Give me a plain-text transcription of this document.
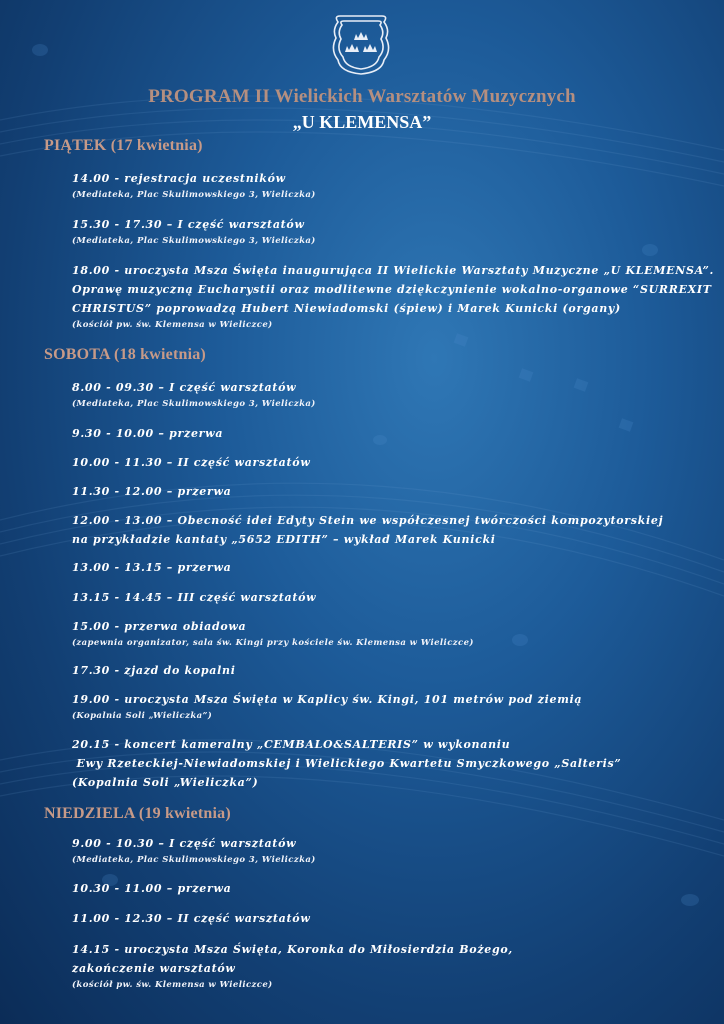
PROGRAM II Wielickich Warsztatów Muzycznych
„U KLEMENSA”
PIĄTEK (17 kwietnia)
14.00 - rejestracja uczestników
(Mediateka, Plac Skulimowskiego 3, Wieliczka)
15.30 - 17.30 – I część warsztatów
(Mediateka, Plac Skulimowskiego 3, Wieliczka)
18.00 - uroczysta Msza Święta inaugurująca II Wielickie Warsztaty Muzyczne „U KLEMENSA”.
Oprawę muzyczną Eucharystii oraz modlitewne dziękczynienie wokalno-organowe “SURREXIT
CHRISTUS” poprowadzą Hubert Niewiadomski (śpiew) i Marek Kunicki (organy)
(kościół pw. św. Klemensa w Wieliczce)
SOBOTA (18 kwietnia)
8.00 - 09.30 – I część warsztatów
(Mediateka, Plac Skulimowskiego 3, Wieliczka)
9.30 - 10.00 – przerwa
10.00 - 11.30 – II część warsztatów
11.30 - 12.00 – przerwa
12.00 - 13.00 – Obecność idei Edyty Stein we współczesnej twórczości kompozytorskiej
na przykładzie kantaty „5652 EDITH” – wykład Marek Kunicki
13.00 - 13.15 – przerwa
13.15 - 14.45 – III część warsztatów
15.00 - przerwa obiadowa
(zapewnia organizator, sala św. Kingi przy kościele św. Klemensa w Wieliczce)
17.30 - zjazd do kopalni
19.00 - uroczysta Msza Święta w Kaplicy św. Kingi, 101 metrów pod ziemią
(Kopalnia Soli „Wieliczka”)
20.15 - koncert kameralny „CEMBALO&SALTERIS” w wykonaniu
Ewy Rzeteckiej-Niewiadomskiej i Wielickiego Kwartetu Smyczkowego „Salteris”
(Kopalnia Soli „Wieliczka”)
NIEDZIELA (19 kwietnia)
9.00 - 10.30 – I część warsztatów
(Mediateka, Plac Skulimowskiego 3, Wieliczka)
10.30 - 11.00 – przerwa
11.00 - 12.30 – II część warsztatów
14.15 - uroczysta Msza Święta, Koronka do Miłosierdzia Bożego,
zakończenie warsztatów
(kościół pw. św. Klemensa w Wieliczce)
